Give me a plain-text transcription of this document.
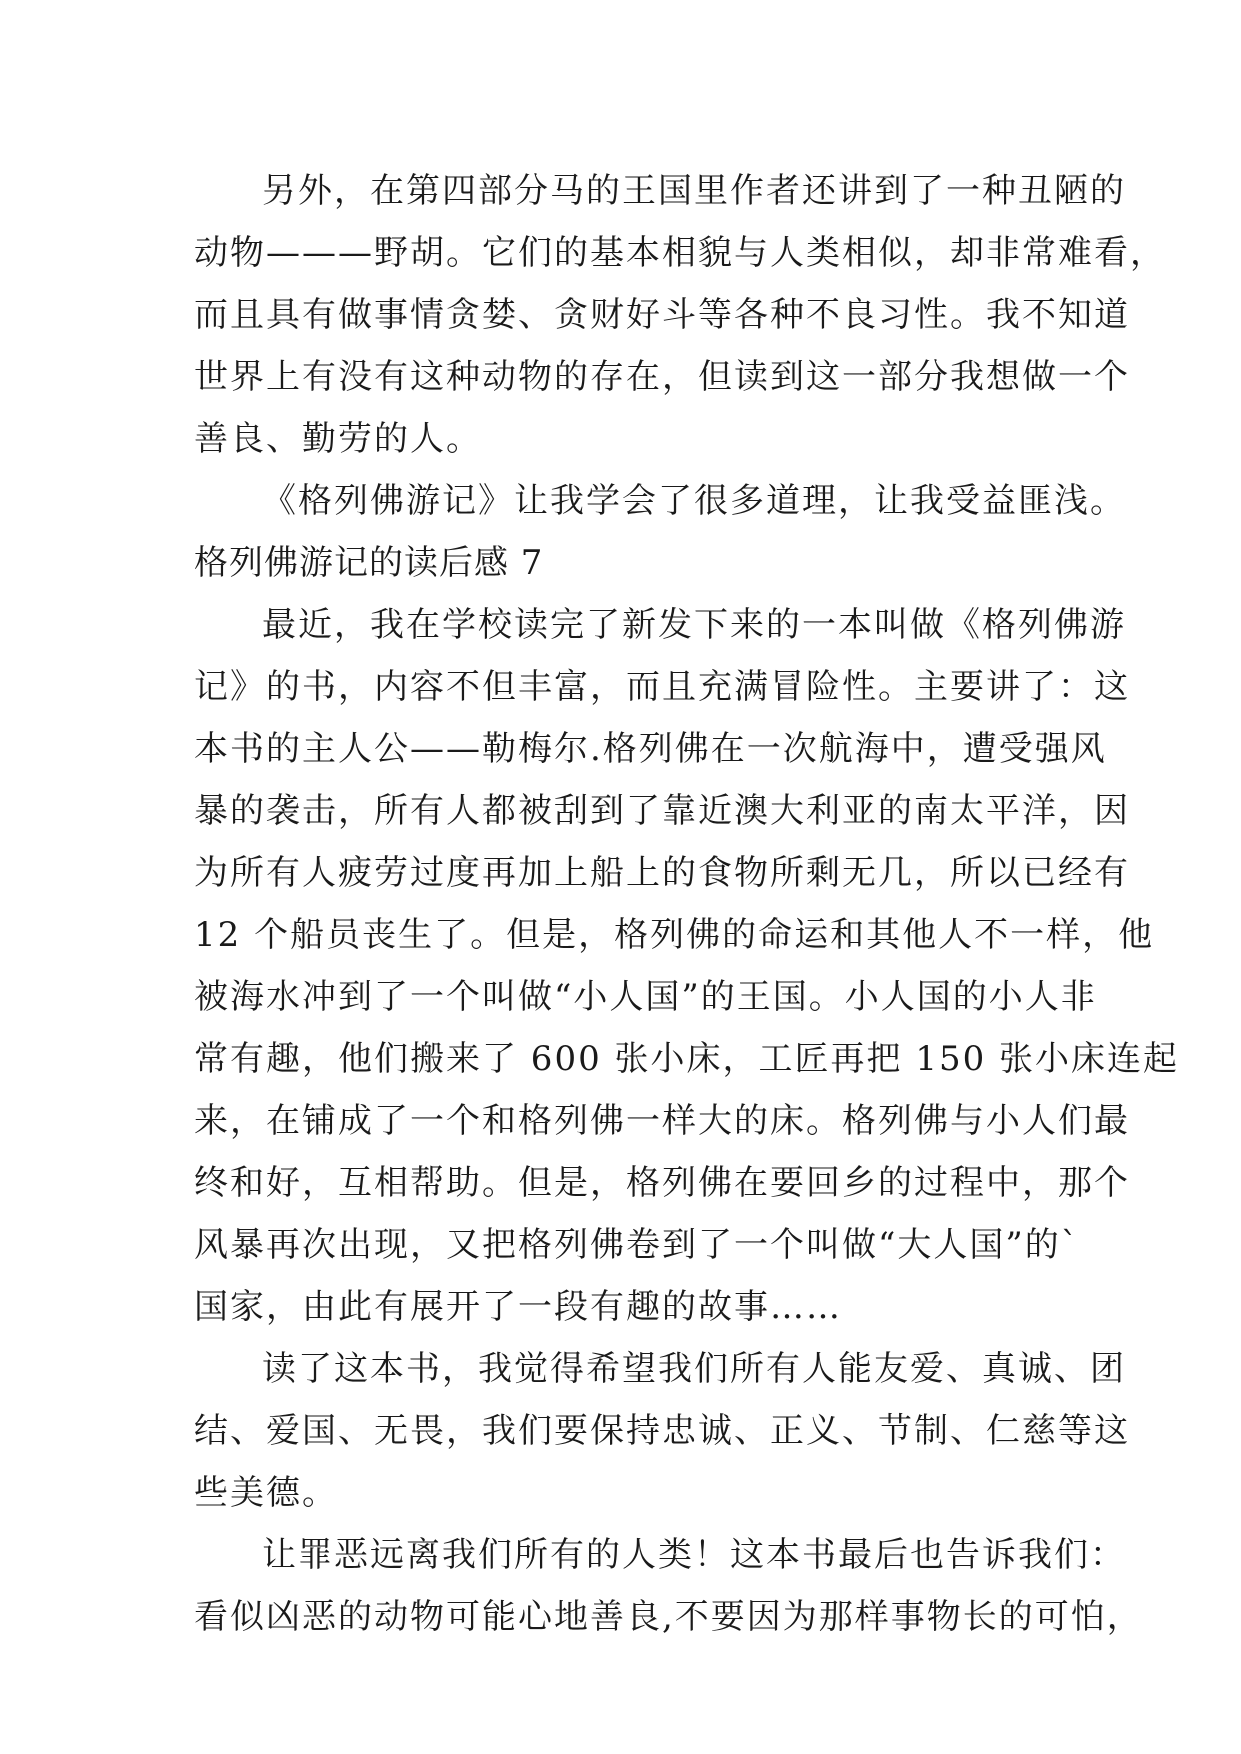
另外，在第四部分马的王国里作者还讲到了一种丑陋的
动物———野胡。它们的基本相貌与人类相似，却非常难看，
而且具有做事情贪婪、贪财好斗等各种不良习性。我不知道
世界上有没有这种动物的存在，但读到这一部分我想做一个
善良、勤劳的人。
《格列佛游记》让我学会了很多道理，让我受益匪浅。
格列佛游记的读后感 7
最近，我在学校读完了新发下来的一本叫做《格列佛游
记》的书，内容不但丰富，而且充满冒险性。主要讲了：这
本书的主人公——勒梅尔.格列佛在一次航海中，遭受强风
暴的袭击，所有人都被刮到了靠近澳大利亚的南太平洋，因
为所有人疲劳过度再加上船上的食物所剩无几，所以已经有
12 个船员丧生了。但是，格列佛的命运和其他人不一样，他
被海水冲到了一个叫做“小人国”的王国。小人国的小人非
常有趣，他们搬来了 600 张小床，工匠再把 150 张小床连起
来，在铺成了一个和格列佛一样大的床。格列佛与小人们最
终和好，互相帮助。但是，格列佛在要回乡的过程中，那个
风暴再次出现，又把格列佛卷到了一个叫做“大人国”的`
国家，由此有展开了一段有趣的故事……
读了这本书，我觉得希望我们所有人能友爱、真诚、团
结、爱国、无畏，我们要保持忠诚、正义、节制、仁慈等这
些美德。
让罪恶远离我们所有的人类！这本书最后也告诉我们：
看似凶恶的动物可能心地善良,不要因为那样事物长的可怕，
